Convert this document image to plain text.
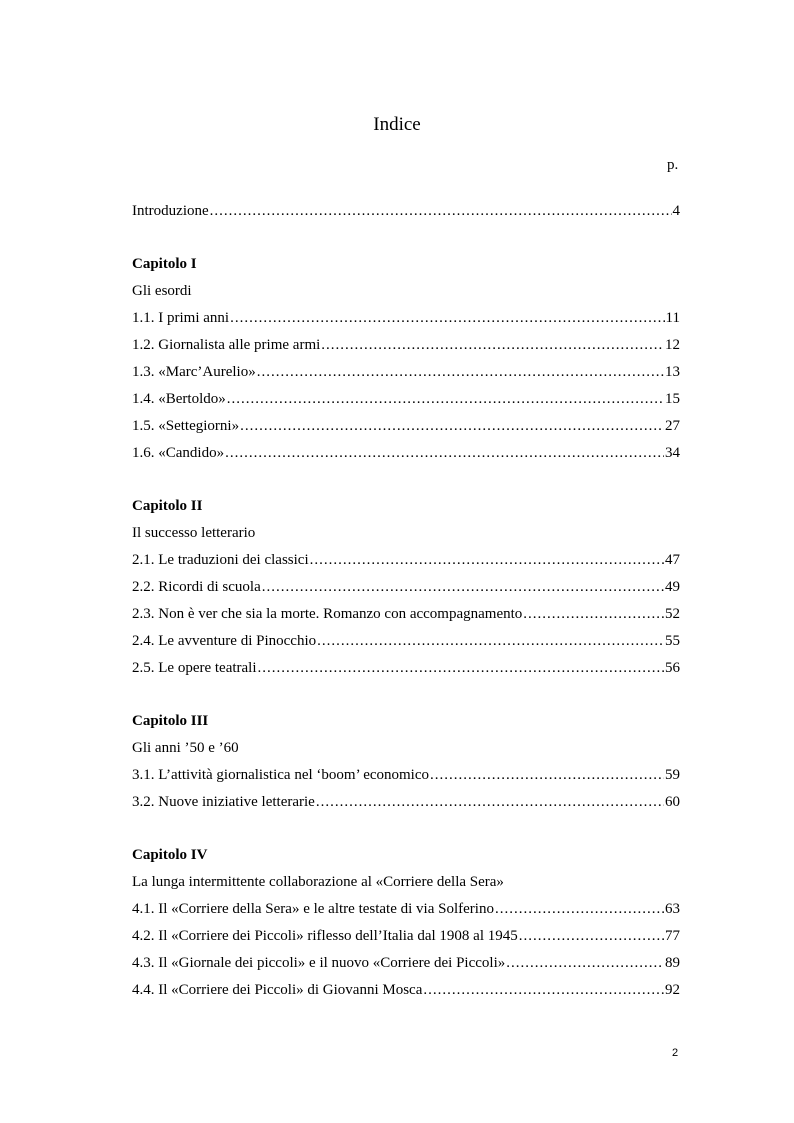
Indice
p.
Introduzione .....	4
Capitolo I
Gli esordi
1.1. I primi anni .....	11
1.2. Giornalista alle prime armi .....	12
1.3. «Marc’Aurelio» .....	13
1.4. «Bertoldo» .....	15
1.5. «Settegiorni» .....	27
1.6. «Candido» .....	34
Capitolo II
Il successo letterario
2.1. Le traduzioni dei classici .....	47
2.2. Ricordi di scuola .....	49
2.3. Non è ver che sia la morte. Romanzo con accompagnamento .....	52
2.4. Le avventure di Pinocchio .....	55
2.5. Le opere teatrali .....	56
Capitolo III
Gli anni ’50 e ’60
3.1. L’attività giornalistica nel ‘boom’ economico .....	59
3.2. Nuove iniziative letterarie .....	60
Capitolo IV
La lunga intermittente collaborazione al «Corriere della Sera»
4.1. Il «Corriere della Sera» e le altre testate di via Solferino .....	63
4.2. Il «Corriere dei Piccoli» riflesso dell’Italia dal 1908 al 1945 .....	77
4.3. Il «Giornale dei piccoli» e il nuovo «Corriere dei Piccoli» .....	89
4.4. Il «Corriere dei Piccoli» di Giovanni Mosca .....	92
2
